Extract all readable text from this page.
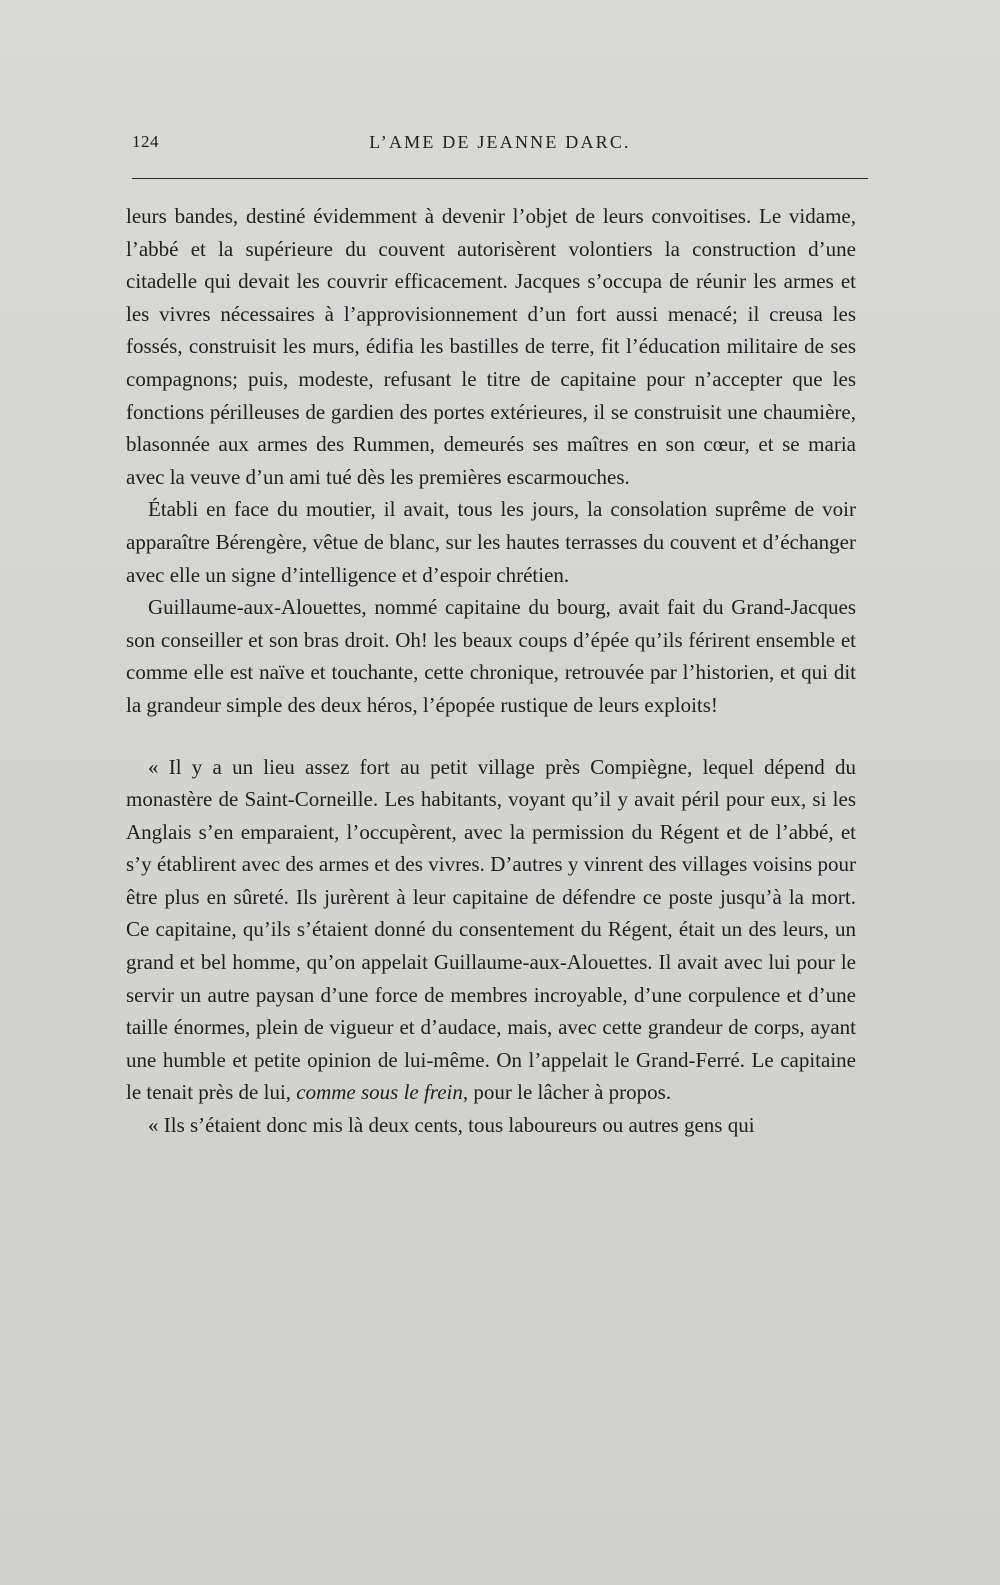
124	L’AME DE JEANNE DARC.

leurs bandes, destiné évidemment à devenir l’objet de leurs convoitises. Le vidame, l’abbé et la supérieure du couvent autorisèrent volontiers la construction d’une citadelle qui devait les couvrir efficacement. Jacques s’occupa de réunir les armes et les vivres nécessaires à l’approvisionnement d’un fort aussi menacé; il creusa les fossés, construisit les murs, édifia les bastilles de terre, fit l’éducation militaire de ses compagnons; puis, modeste, refusant le titre de capitaine pour n’accepter que les fonctions périlleuses de gardien des portes extérieures, il se construisit une chaumière, blasonnée aux armes des Rummen, demeurés ses maîtres en son cœur, et se maria avec la veuve d’un ami tué dès les premières escarmouches.

Établi en face du moutier, il avait, tous les jours, la consolation suprême de voir apparaître Bérengère, vêtue de blanc, sur les hautes terrasses du couvent et d’échanger avec elle un signe d’intelligence et d’espoir chrétien.

Guillaume-aux-Alouettes, nommé capitaine du bourg, avait fait du Grand-Jacques son conseiller et son bras droit. Oh! les beaux coups d’épée qu’ils férirent ensemble et comme elle est naïve et touchante, cette chronique, retrouvée par l’historien, et qui dit la grandeur simple des deux héros, l’épopée rustique de leurs exploits!

« Il y a un lieu assez fort au petit village près Compiègne, lequel dépend du monastère de Saint-Corneille. Les habitants, voyant qu’il y avait péril pour eux, si les Anglais s’en emparaient, l’occupèrent, avec la permission du Régent et de l’abbé, et s’y établirent avec des armes et des vivres. D’autres y vinrent des villages voisins pour être plus en sûreté. Ils jurèrent à leur capitaine de défendre ce poste jusqu’à la mort. Ce capitaine, qu’ils s’étaient donné du consentement du Régent, était un des leurs, un grand et bel homme, qu’on appelait Guillaume-aux-Alouettes. Il avait avec lui pour le servir un autre paysan d’une force de membres incroyable, d’une corpulence et d’une taille énormes, plein de vigueur et d’audace, mais, avec cette grandeur de corps, ayant une humble et petite opinion de lui-même. On l’appelait le Grand-Ferré. Le capitaine le tenait près de lui, comme sous le frein, pour le lâcher à propos.

« Ils s’étaient donc mis là deux cents, tous laboureurs ou autres gens qui
